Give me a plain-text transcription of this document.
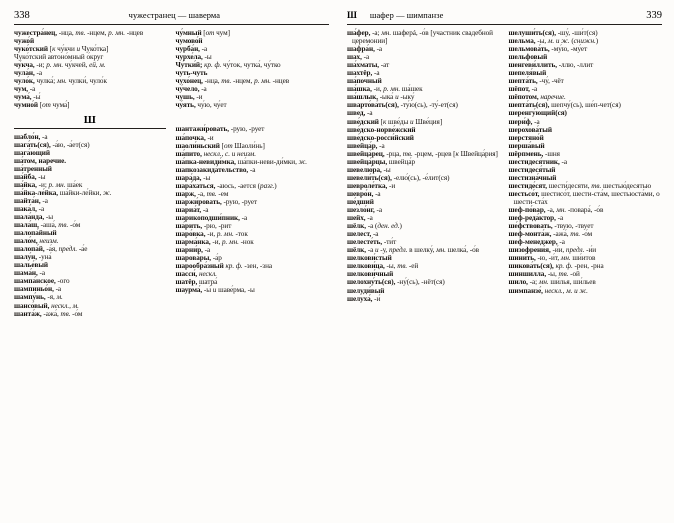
338	чужестранец — шаверма

чужестра́нец, -нца, тв. -нцем, р. мн. -нцев

чужо́й

чуко́тский [к чу́кчи и Чуко́тка]

Чуко́тский автоно́мный о́круг

чу́кча, -и; р. мн. чу́кчей, ей, м.

чула́н, -а

чуло́к, чулка́; мн. чулки́, чуло́к

чум, -а

чума́, -ы́

чумно́й [от чума́]

Ш

шабло́н, -а

шага́ть(ся), -а́ю, -а́ет(ся)

шага́ющий

ша́том, наречие.

ша́тренный

ша́йба, -ы

ша́йка, -и; р. мн. ша́ек

ша́йка-ле́йка, ша́йки-ле́йки, ж.

шайта́н, -а

шака́л, -а

шала́нда, -ы

шала́ш, -аша́, тв. -о́м

шалопа́йный

шало́м, неизм.

шалопа́й, -а́я, предл. -а́е

шалу́н, -уна́

шалье́вый

шама́н, -а

шампа́нское, -ого

шампиньо́н, -а

шампу́нь, -я, м.

шансо́вый, нескл., м.

шанта́ж, -ажа́, тв. -о́м

чу́мный [от чум]

чумово́й

чурба́н, -а

чурхе́ла, -ы

Чу́тки́й; кр. ф. чу́ток, чутка́, чу́тко

чуть-чуть

чухо́нец, -нца, тв. -нцем, р. мн. -нцев

чу́чело, -а

чушь, -и

чу́ять, чу́ю, чу́ет

шантажи́ровать, -рую, -рует

ша́почка, -и

шаоли́ньский [от Шаоли́нь]

ша́пито, нескл., с. и неизм.

ша́пка-невиди́мка, ша́пки-неви-ди́мки, ж.

шапкозакида́тельство, -а

шара́да, -ы

шара́хаться, -аюсь, -ается (разг.)

шарж, -а, тв. -ем

шаржи́ровать, -рую, -рует

шариа́т, -а

шарикоподши́пник, -а

ша́рить, -рю, -рит

шаро́вка, -и, р. мн. -ток

шарма́нка, -и, р. мн. -нок

шарни́р, -а

шарова́ры, -а́р

шарообра́зный кр. ф. -зен, -зна

шасси́, нескл.

шатёр, шатра́

шаурма́, -ы́ и шаве́рма, -ы

Ш	шафер — шимпанзе	339

ша́фер, -а; мн. шаферá, -о́в [участник свадебной церемонии]

шафра́н, -а

шах, -а

ша́хматы, -ат

шахтёр, -а

ша́почный

ша́шка, -и, р. мн. ша́шек

ша́шлык, -ыка́ и -ыку́

шварто́ва́ть(ся), -ту́ю(сь), -ту́-ет(ся)

швед, -а

шве́дский [к шве́ды и Шве́ция]

шве́дско-норве́жский

шве́дско-росси́йский

швейца́р, -а

швейца́рец, -рца, тв. -рцем, -рцев [к Швейца́рия]

швейца́рцы, швейца́р

шевелю́ра, -ы

шевели́ть(ся), -елю́(сь), -е́лит(ся)

шевроле́тка, -и

шевро́н, -а

ше́дший

шезло́нг, -а

шейх, -а

шёлк, -а (ден. ед.)

шелест, -а

шелесте́ть, -ти́т

шёлк, -а и -у, предл. в шелку́, мн. шелка́, -о́в

шелкови́стый

шелкови́ца, -ы, тв. -ей

шелкови́чный

шелохну́ть(ся), -ну́(сь), -нёт(ся)

шелуди́вый

шелуха́, -и́

шелуши́ть(ся), -шу́, -ши́т(ся)

шельма, -ы, м. и ж. (снижн.)

шельмова́ть, -му́ю, -му́ет

шельфовый

шенгеви́ллить, -ллю, -ллит

шепеля́вый

шепта́ть, -чу́, -чёт

шёпот, -а

шёпотом, наречие.

шепта́ть(ся), шепчу́(сь), ше́п-чет(ся)

шеренгу́ющий(ся)

шери́ф, -а

шерохова́тый

шерстяно́й

шерша́вый

шёрпмень, -шня

шестидеся́тник, -а

шестидеся́тый

шестизна́чный

шестиде́сят, шести́десяти, тв. шестью́десятью

шестьсо́т, шестисо́т, шести-ста́м, шестьюста́ми, о шести-ста́х

шеф-по́вар, -а, мн. -повара́, -о́в

шеф-реда́ктор, -а

ше́фствовать, -твую, -твует

шеф-монта́ж, -ажа́, тв. -о́м

шеф-менеджер, -а

шизофрени́я, -и́и, предл. -и́и

шини́ть, -ю, -и́т, мн. ши́итов

шикова́ть(ся), кр. ф. -рен, -рна

шиншилла, -ы, тв. -ой

шило, -а; мн. ши́лья, ши́льев

шимпанзе́, нескл., м. и ж.
